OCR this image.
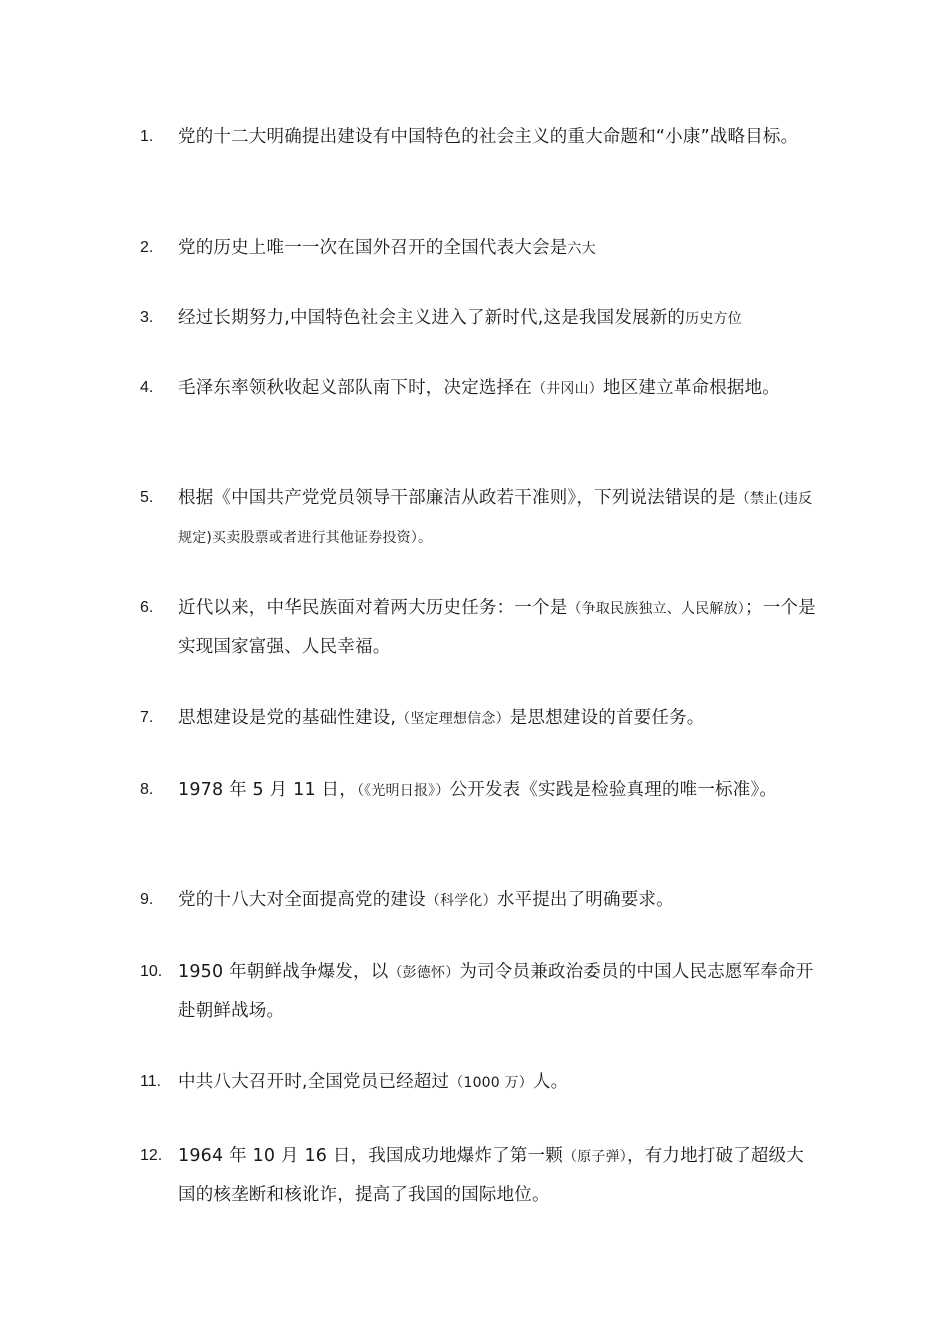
1.	党的十二大明确提出建设有中国特色的社会主义的重大命题和“小康”战略目标。
2.	党的历史上唯一一次在国外召开的全国代表大会是六大
3.	经过长期努力,中国特色社会主义进入了新时代,这是我国发展新的历史方位
4.	毛泽东率领秋收起义部队南下时，决定选择在（井冈山）地区建立革命根据地。
5.	根据《中国共产党党员领导干部廉洁从政若干准则》，下列说法错误的是（禁止(违反规定)买卖股票或者进行其他证券投资）。
6.	近代以来，中华民族面对着两大历史任务：一个是（争取民族独立、人民解放）；一个是实现国家富强、人民幸福。
7.	思想建设是党的基础性建设,（坚定理想信念）是思想建设的首要任务。
8.	1978 年 5 月 11 日，（《光明日报》）公开发表《实践是检验真理的唯一标准》。
9.	党的十八大对全面提高党的建设（科学化）水平提出了明确要求。
10. 1950 年朝鲜战争爆发，以（彭德怀）为司令员兼政治委员的中国人民志愿军奉命开赴朝鲜战场。
11. 中共八大召开时,全国党员已经超过（1000 万）人。
12. 1964 年 10 月 16 日，我国成功地爆炸了第一颗（原子弹），有力地打破了超级大国的核垄断和核讹诈，提高了我国的国际地位。
